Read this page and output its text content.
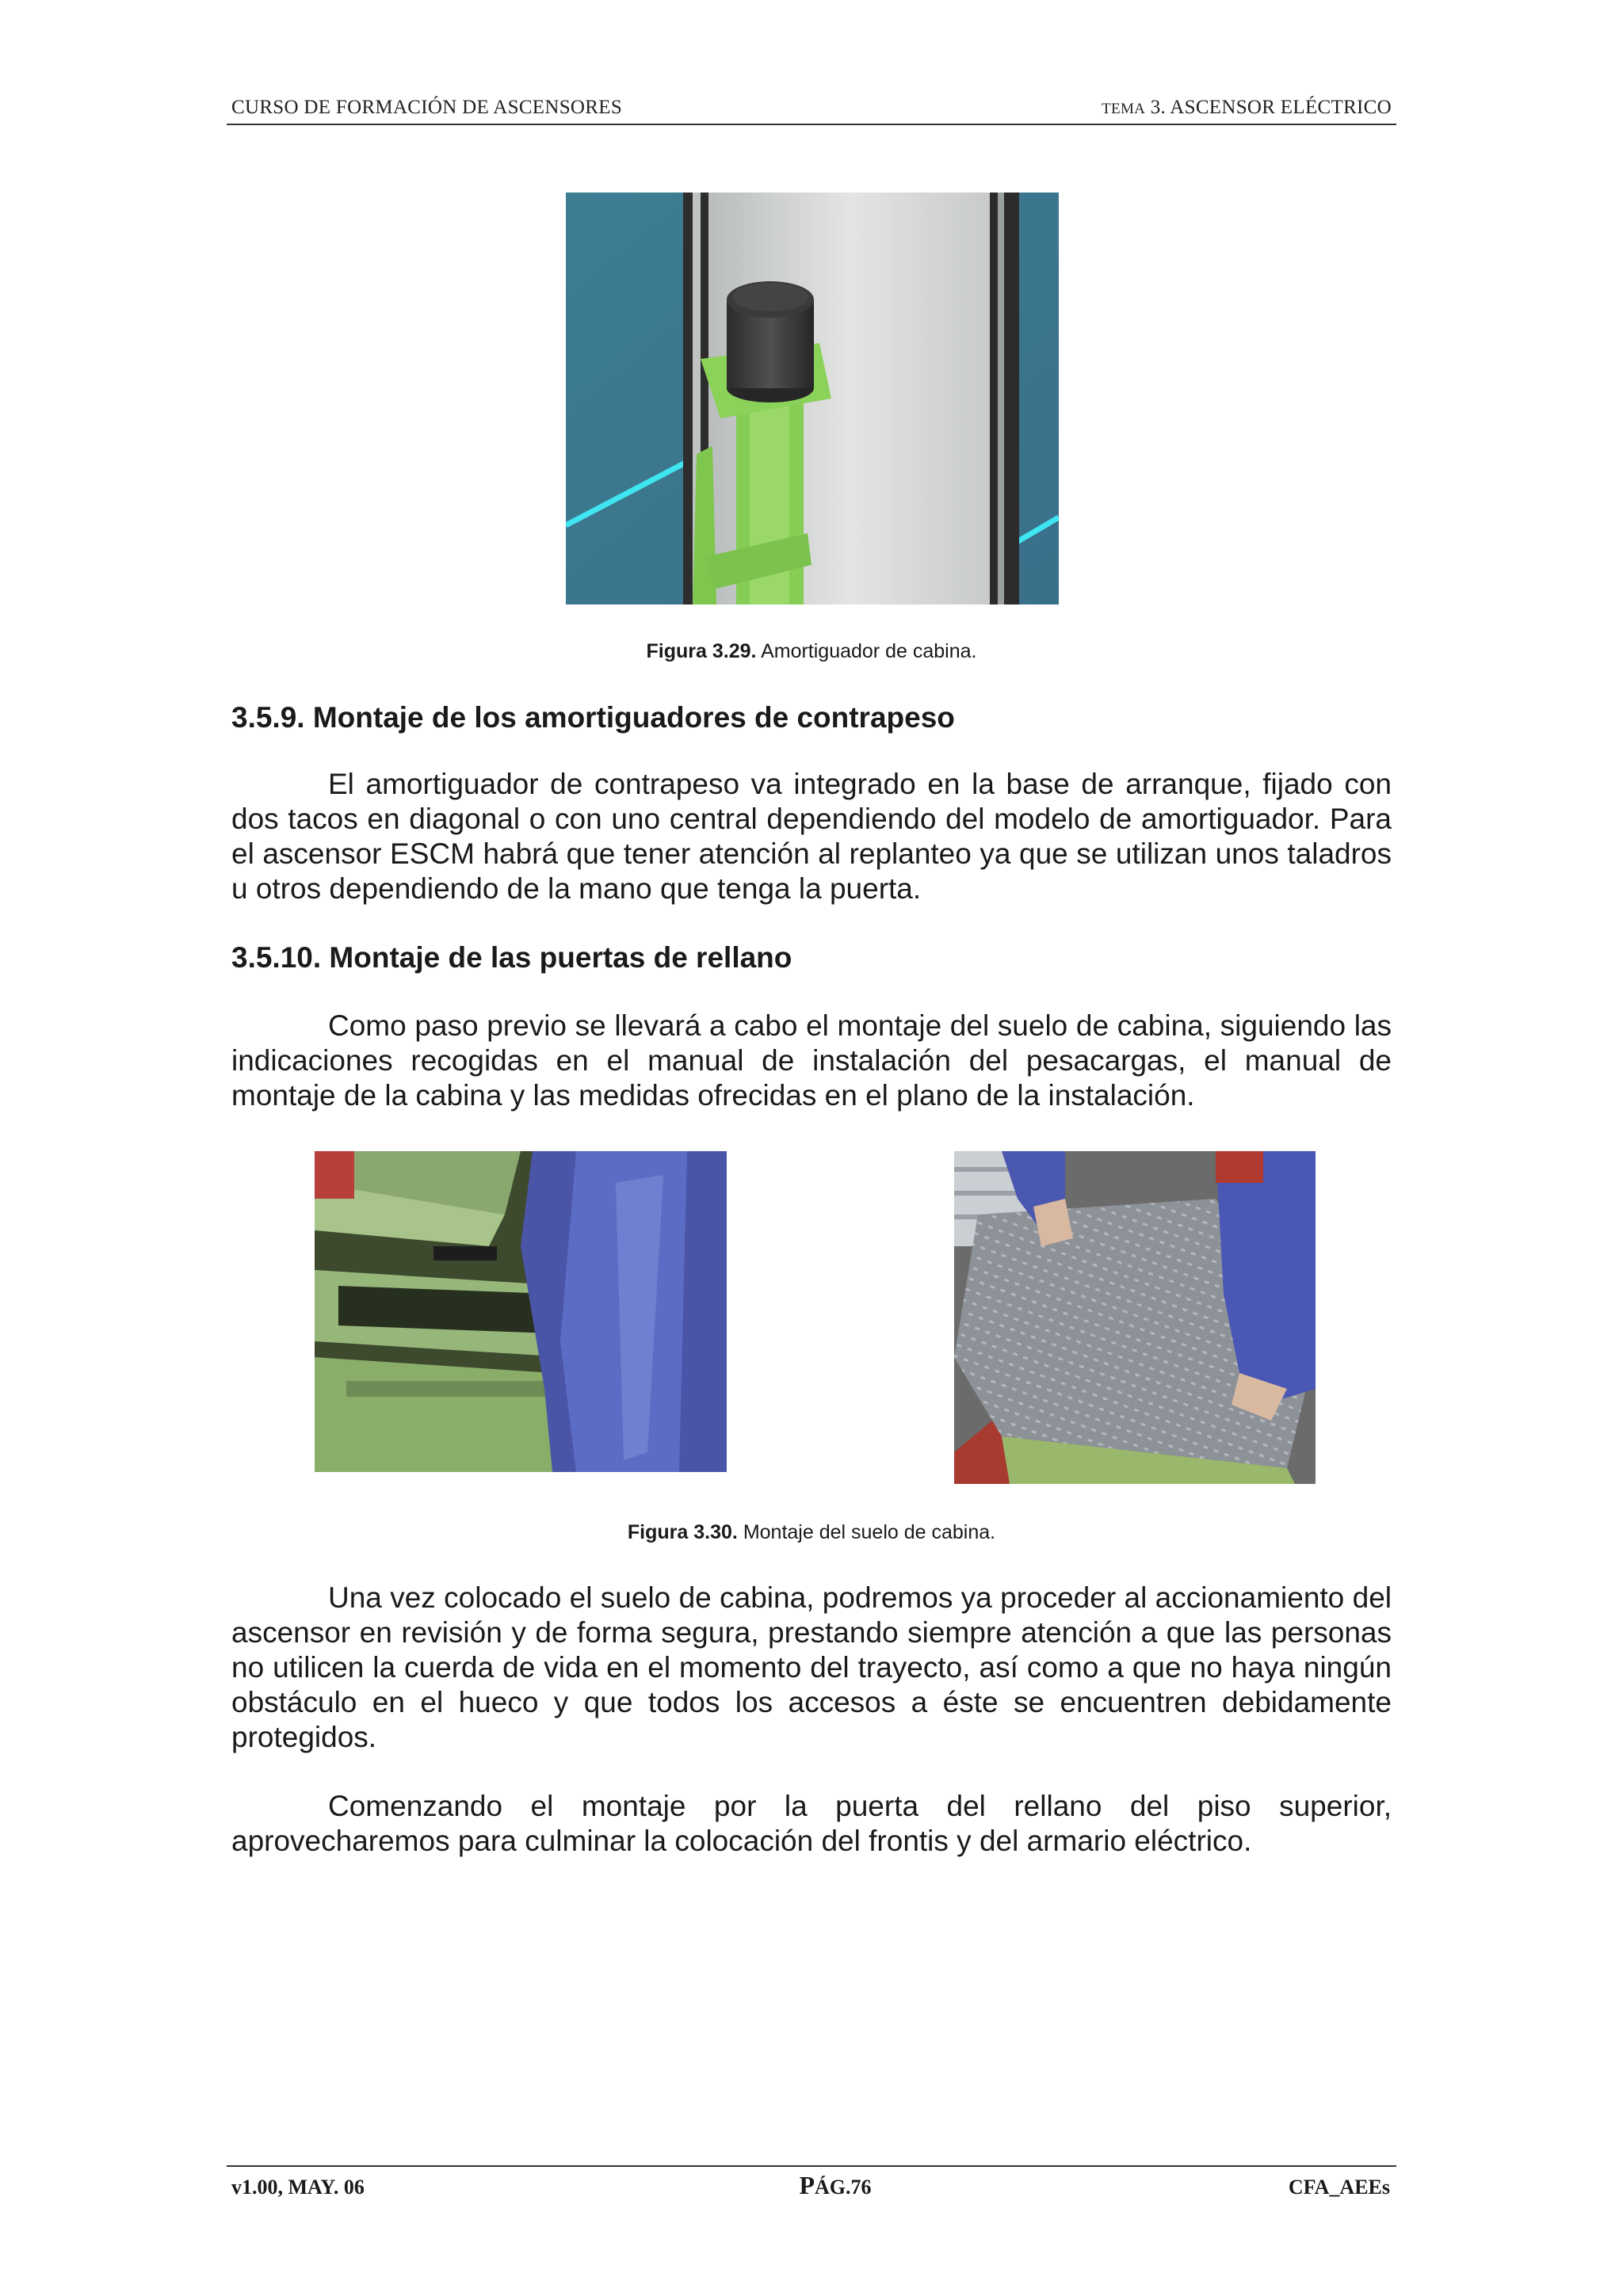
CURSO DE FORMACIÓN DE ASCENSORES	TEMA 3. ASCENSOR ELÉCTRICO
Figura 3.29. Amortiguador de cabina.
3.5.9. Montaje de los amortiguadores de contrapeso
El amortiguador de contrapeso va integrado en la base de arranque, fijado con dos tacos en diagonal o con uno central dependiendo del modelo de amortiguador. Para el ascensor ESCM habrá que tener atención al replanteo ya que se utilizan unos taladros u otros dependiendo de la mano que tenga la puerta.
3.5.10. Montaje de las puertas de rellano
Como paso previo se llevará a cabo el montaje del suelo de cabina, siguiendo las indicaciones recogidas en el manual de instalación del pesacargas, el manual de montaje de la cabina y las medidas ofrecidas en el plano de la instalación.
Figura 3.30. Montaje del suelo de cabina.
Una vez colocado el suelo de cabina, podremos ya proceder al accionamiento del ascensor en revisión y de forma segura, prestando siempre atención a que las personas no utilicen la cuerda de vida en el momento del trayecto, así como a que no haya ningún obstáculo en el hueco y que todos los accesos a éste se encuentren debidamente protegidos.
Comenzando el montaje por la puerta del rellano del piso superior, aprovecharemos para culminar la colocación del frontis y del armario eléctrico.
v1.00, MAY. 06	PÁG.76	CFA_AEEs
